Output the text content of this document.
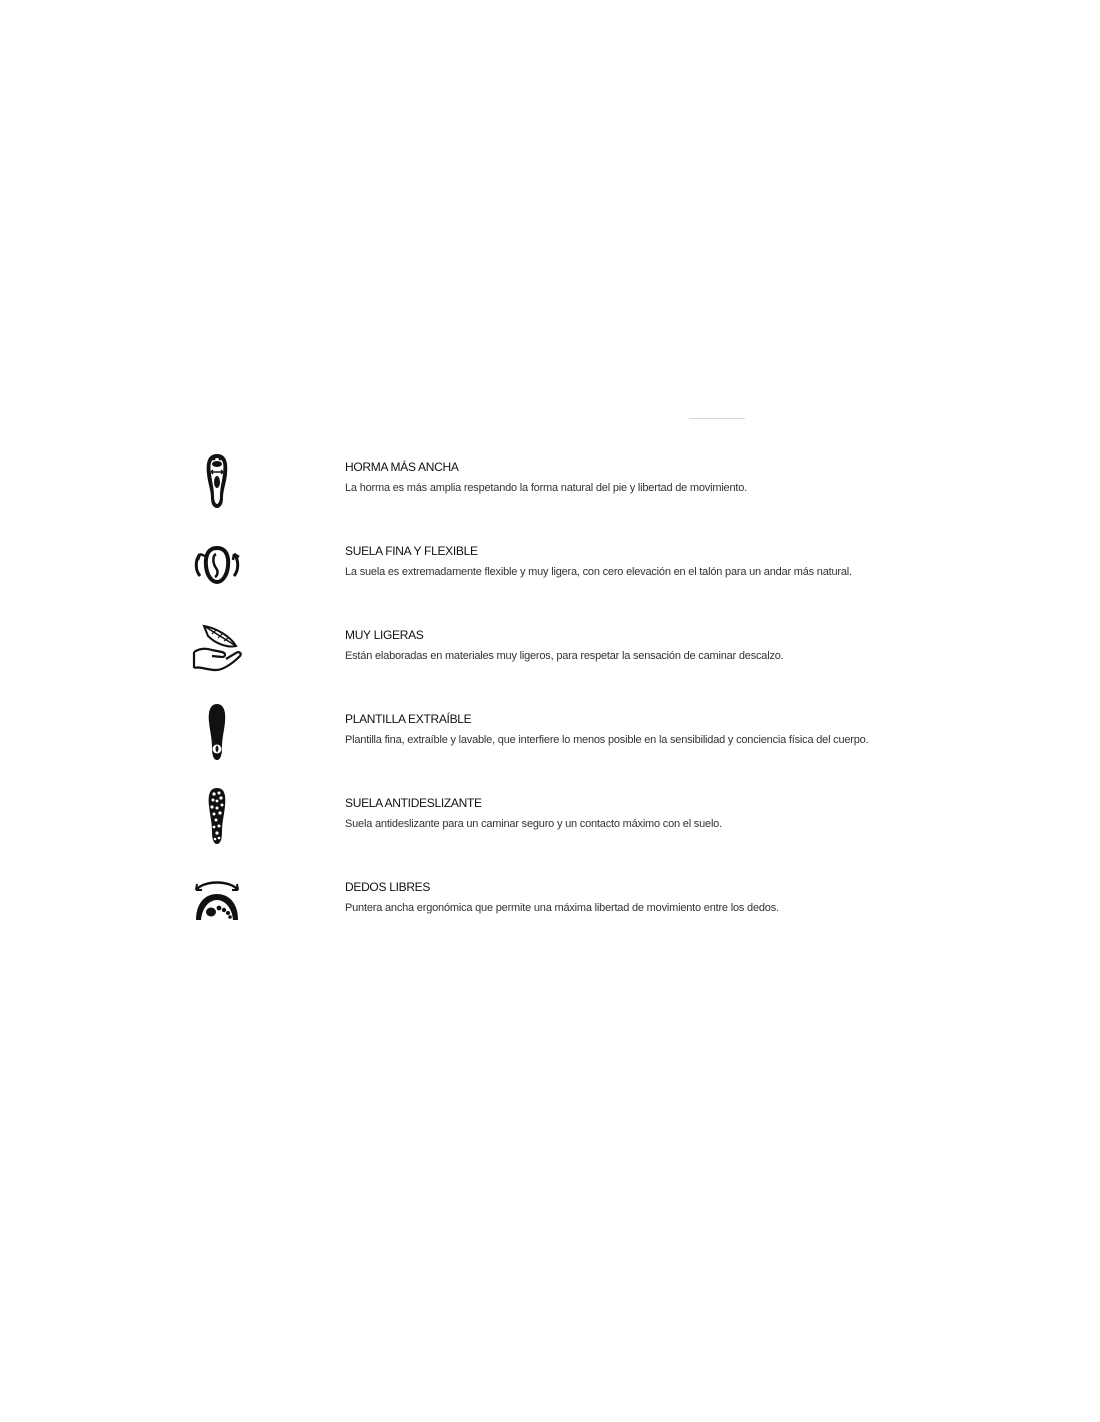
HORMA MÁS ANCHA
La horma es más amplia respetando la forma natural del pie y libertad de movimiento.
SUELA FINA Y FLEXIBLE
La suela es extremadamente flexible y muy ligera, con cero elevación en el talón para un andar más natural.
MUY LIGERAS
Están elaboradas en materiales muy ligeros, para respetar la sensación de caminar descalzo.
PLANTILLA EXTRAÍBLE
Plantilla fina, extraíble y lavable, que interfiere lo menos posible en la sensibilidad y conciencia física del cuerpo.
SUELA ANTIDESLIZANTE
Suela antideslizante para un caminar seguro y un contacto máximo con el suelo.
DEDOS LIBRES
Puntera ancha ergonómica que permite una máxima libertad de movimiento entre los dedos.
